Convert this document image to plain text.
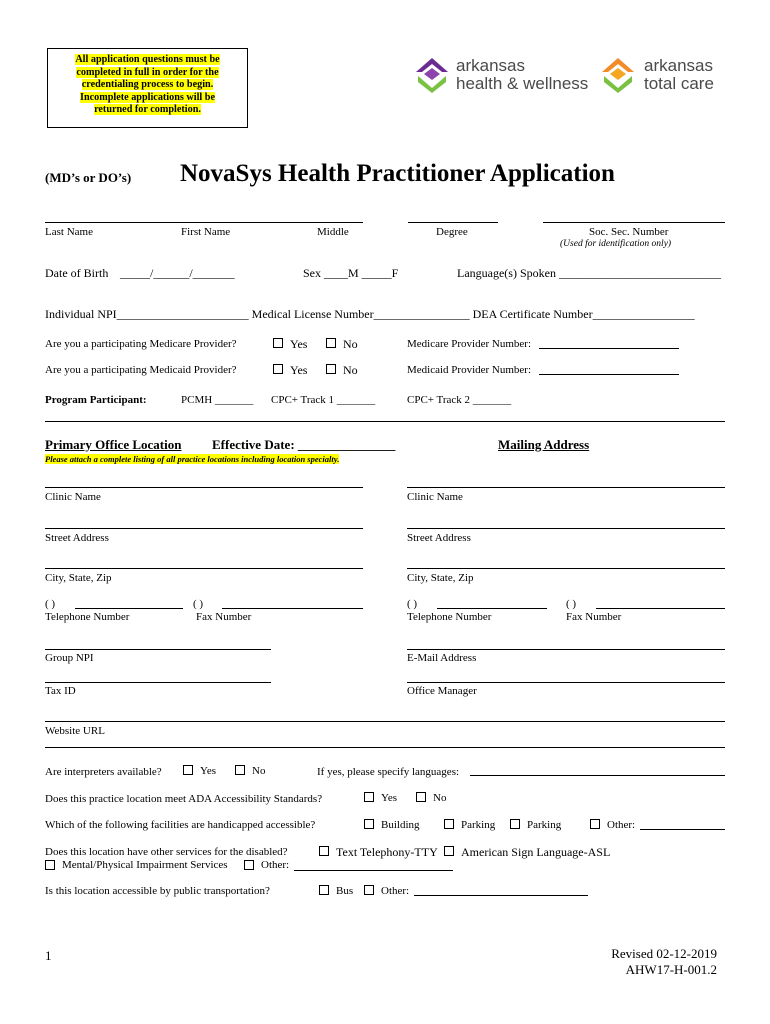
All application questions must be
completed in full in order for the
credentialing process to begin.
Incomplete applications will be
returned for completion.
arkansas
health & wellness
arkansas
total care
(MD’s or DO’s) NovaSys Health Practitioner Application
Last Name	First Name	Middle	Degree	Soc. Sec. Number
(Used for identification only)
Date of Birth _____/______/_______	Sex ____M _____F	Language(s) Spoken ___________________________
Individual NPI______________________ Medical License Number________________ DEA Certificate Number_________________
Are you a participating Medicare Provider?	Yes	No	Medicare Provider Number:
Are you a participating Medicaid Provider?	Yes	No	Medicaid Provider Number:
Program Participant:	PCMH _______ CPC+ Track 1 _______	CPC+ Track 2 _______
Primary Office Location Effective Date: _______________	Mailing Address
Please attach a complete listing of all practice locations including location specialty.
Clinic Name	Clinic Name
Street Address	Street Address
City, State, Zip	City, State, Zip
( )	( )	( )	( )
Telephone Number	Fax Number	Telephone Number	Fax Number
Group NPI	E-Mail Address
Tax ID	Office Manager
Website URL
Are interpreters available?	Yes	No	If yes, please specify languages:
Does this practice location meet ADA Accessibility Standards?	Yes	No
Which of the following facilities are handicapped accessible?	Building	Parking	Parking	Other:
Does this location have other services for the disabled?	Text Telephony-TTY American Sign Language-ASL
Mental/Physical Impairment Services	Other:
Is this location accessible by public transportation?	Bus	Other:
1	Revised 02-12-2019
AHW17-H-001.2
